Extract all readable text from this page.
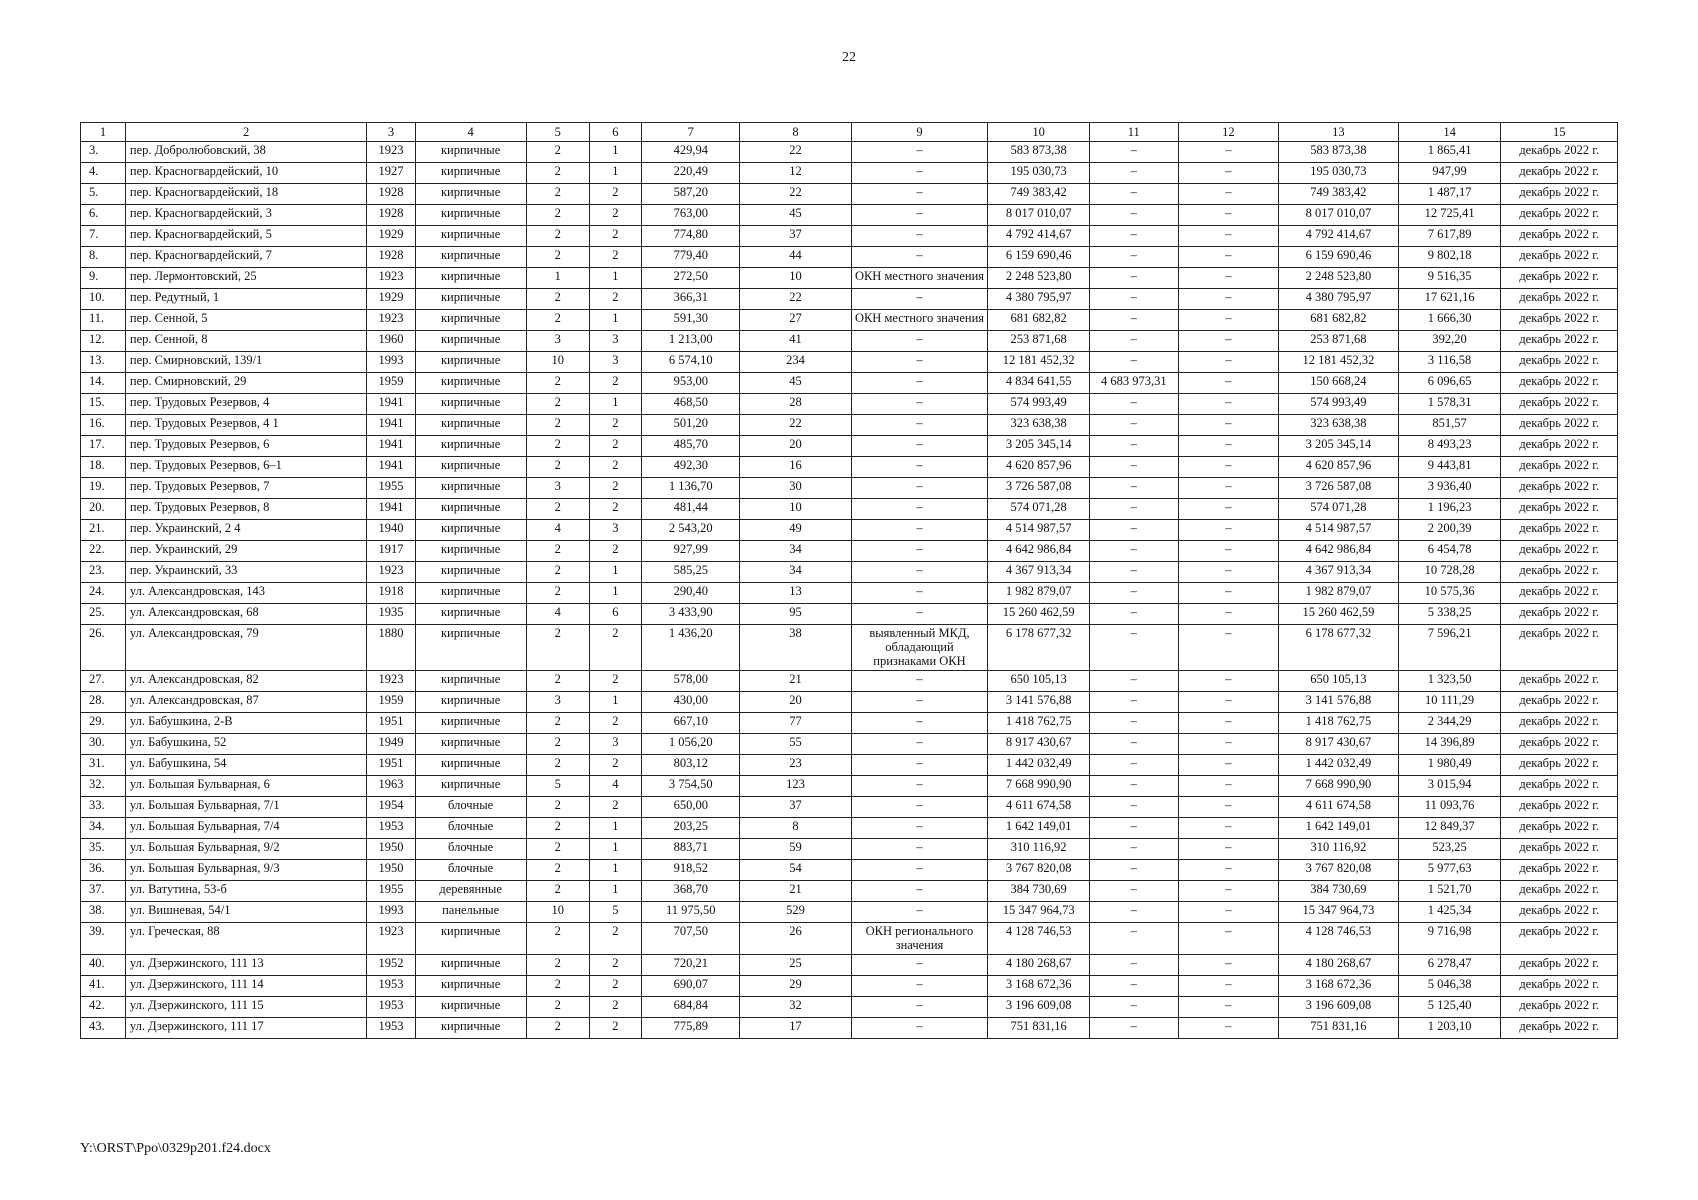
22
1	2	3	4	5	6	7	8	9	10	11	12	13	14	15
3.	пер. Добролюбовский, 38	1923	кирпичные	2	1	429,94	22	–	583 873,38	–	–	583 873,38	1 865,41	декабрь 2022 г.
4.	пер. Красногвардейский, 10	1927	кирпичные	2	1	220,49	12	–	195 030,73	–	–	195 030,73	947,99	декабрь 2022 г.
5.	пер. Красногвардейский, 18	1928	кирпичные	2	2	587,20	22	–	749 383,42	–	–	749 383,42	1 487,17	декабрь 2022 г.
6.	пер. Красногвардейский, 3	1928	кирпичные	2	2	763,00	45	–	8 017 010,07	–	–	8 017 010,07	12 725,41	декабрь 2022 г.
7.	пер. Красногвардейский, 5	1929	кирпичные	2	2	774,80	37	–	4 792 414,67	–	–	4 792 414,67	7 617,89	декабрь 2022 г.
8.	пер. Красногвардейский, 7	1928	кирпичные	2	2	779,40	44	–	6 159 690,46	–	–	6 159 690,46	9 802,18	декабрь 2022 г.
9.	пер. Лермонтовский, 25	1923	кирпичные	1	1	272,50	10	ОКН местного значения	2 248 523,80	–	–	2 248 523,80	9 516,35	декабрь 2022 г.
10.	пер. Редутный, 1	1929	кирпичные	2	2	366,31	22	–	4 380 795,97	–	–	4 380 795,97	17 621,16	декабрь 2022 г.
11.	пер. Сенной, 5	1923	кирпичные	2	1	591,30	27	ОКН местного значения	681 682,82	–	–	681 682,82	1 666,30	декабрь 2022 г.
12.	пер. Сенной, 8	1960	кирпичные	3	3	1 213,00	41	–	253 871,68	–	–	253 871,68	392,20	декабрь 2022 г.
13.	пер. Смирновский, 139/1	1993	кирпичные	10	3	6 574,10	234	–	12 181 452,32	–	–	12 181 452,32	3 116,58	декабрь 2022 г.
14.	пер. Смирновский, 29	1959	кирпичные	2	2	953,00	45	–	4 834 641,55	4 683 973,31	–	150 668,24	6 096,65	декабрь 2022 г.
15.	пер. Трудовых Резервов, 4	1941	кирпичные	2	1	468,50	28	–	574 993,49	–	–	574 993,49	1 578,31	декабрь 2022 г.
16.	пер. Трудовых Резервов, 4 1	1941	кирпичные	2	2	501,20	22	–	323 638,38	–	–	323 638,38	851,57	декабрь 2022 г.
17.	пер. Трудовых Резервов, 6	1941	кирпичные	2	2	485,70	20	–	3 205 345,14	–	–	3 205 345,14	8 493,23	декабрь 2022 г.
18.	пер. Трудовых Резервов, 6–1	1941	кирпичные	2	2	492,30	16	–	4 620 857,96	–	–	4 620 857,96	9 443,81	декабрь 2022 г.
19.	пер. Трудовых Резервов, 7	1955	кирпичные	3	2	1 136,70	30	–	3 726 587,08	–	–	3 726 587,08	3 936,40	декабрь 2022 г.
20.	пер. Трудовых Резервов, 8	1941	кирпичные	2	2	481,44	10	–	574 071,28	–	–	574 071,28	1 196,23	декабрь 2022 г.
21.	пер. Украинский, 2 4	1940	кирпичные	4	3	2 543,20	49	–	4 514 987,57	–	–	4 514 987,57	2 200,39	декабрь 2022 г.
22.	пер. Украинский, 29	1917	кирпичные	2	2	927,99	34	–	4 642 986,84	–	–	4 642 986,84	6 454,78	декабрь 2022 г.
23.	пер. Украинский, 33	1923	кирпичные	2	1	585,25	34	–	4 367 913,34	–	–	4 367 913,34	10 728,28	декабрь 2022 г.
24.	ул. Александровская, 143	1918	кирпичные	2	1	290,40	13	–	1 982 879,07	–	–	1 982 879,07	10 575,36	декабрь 2022 г.
25.	ул. Александровская, 68	1935	кирпичные	4	6	3 433,90	95	–	15 260 462,59	–	–	15 260 462,59	5 338,25	декабрь 2022 г.
26.	ул. Александровская, 79	1880	кирпичные	2	2	1 436,20	38	выявленный МКД, обладающий признаками ОКН	6 178 677,32	–	–	6 178 677,32	7 596,21	декабрь 2022 г.
27.	ул. Александровская, 82	1923	кирпичные	2	2	578,00	21	–	650 105,13	–	–	650 105,13	1 323,50	декабрь 2022 г.
28.	ул. Александровская, 87	1959	кирпичные	3	1	430,00	20	–	3 141 576,88	–	–	3 141 576,88	10 111,29	декабрь 2022 г.
29.	ул. Бабушкина, 2-В	1951	кирпичные	2	2	667,10	77	–	1 418 762,75	–	–	1 418 762,75	2 344,29	декабрь 2022 г.
30.	ул. Бабушкина, 52	1949	кирпичные	2	3	1 056,20	55	–	8 917 430,67	–	–	8 917 430,67	14 396,89	декабрь 2022 г.
31.	ул. Бабушкина, 54	1951	кирпичные	2	2	803,12	23	–	1 442 032,49	–	–	1 442 032,49	1 980,49	декабрь 2022 г.
32.	ул. Большая Бульварная, 6	1963	кирпичные	5	4	3 754,50	123	–	7 668 990,90	–	–	7 668 990,90	3 015,94	декабрь 2022 г.
33.	ул. Большая Бульварная, 7/1	1954	блочные	2	2	650,00	37	–	4 611 674,58	–	–	4 611 674,58	11 093,76	декабрь 2022 г.
34.	ул. Большая Бульварная, 7/4	1953	блочные	2	1	203,25	8	–	1 642 149,01	–	–	1 642 149,01	12 849,37	декабрь 2022 г.
35.	ул. Большая Бульварная, 9/2	1950	блочные	2	1	883,71	59	–	310 116,92	–	–	310 116,92	523,25	декабрь 2022 г.
36.	ул. Большая Бульварная, 9/3	1950	блочные	2	1	918,52	54	–	3 767 820,08	–	–	3 767 820,08	5 977,63	декабрь 2022 г.
37.	ул. Ватутина, 53-б	1955	деревянные	2	1	368,70	21	–	384 730,69	–	–	384 730,69	1 521,70	декабрь 2022 г.
38.	ул. Вишневая, 54/1	1993	панельные	10	5	11 975,50	529	–	15 347 964,73	–	–	15 347 964,73	1 425,34	декабрь 2022 г.
39.	ул. Греческая, 88	1923	кирпичные	2	2	707,50	26	ОКН регионального значения	4 128 746,53	–	–	4 128 746,53	9 716,98	декабрь 2022 г.
40.	ул. Дзержинского, 111 13	1952	кирпичные	2	2	720,21	25	–	4 180 268,67	–	–	4 180 268,67	6 278,47	декабрь 2022 г.
41.	ул. Дзержинского, 111 14	1953	кирпичные	2	2	690,07	29	–	3 168 672,36	–	–	3 168 672,36	5 046,38	декабрь 2022 г.
42.	ул. Дзержинского, 111 15	1953	кирпичные	2	2	684,84	32	–	3 196 609,08	–	–	3 196 609,08	5 125,40	декабрь 2022 г.
43.	ул. Дзержинского, 111 17	1953	кирпичные	2	2	775,89	17	–	751 831,16	–	–	751 831,16	1 203,10	декабрь 2022 г.
Y:\ORST\Ppo\0329p201.f24.docx
